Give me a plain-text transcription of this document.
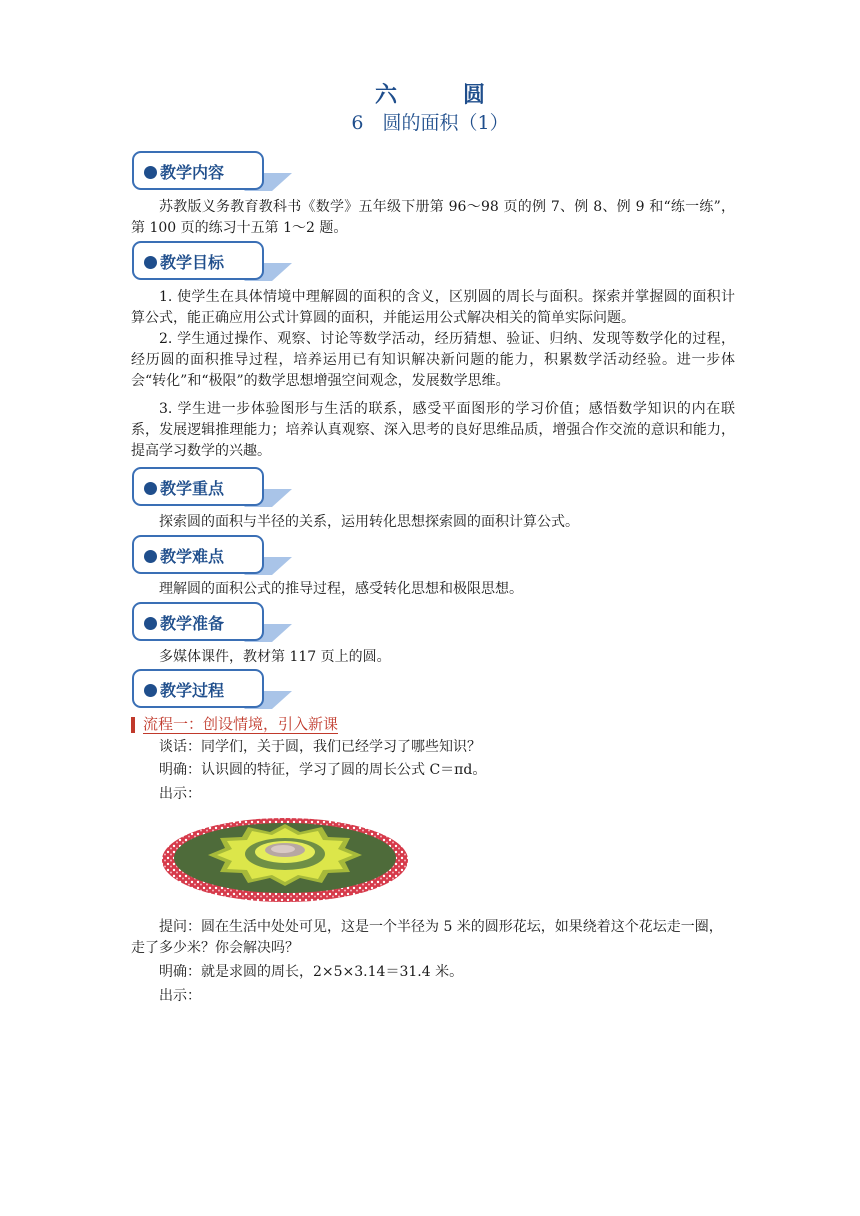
六　圆
6　圆的面积（1）
教学内容
苏教版义务教育教科书《数学》五年级下册第 96～98 页的例 7、例 8、例 9 和“练一练”，第 100 页的练习十五第 1～2 题。
教学目标
1. 使学生在具体情境中理解圆的面积的含义，区别圆的周长与面积。探索并掌握圆的面积计算公式，能正确应用公式计算圆的面积，并能运用公式解决相关的简单实际问题。
2. 学生通过操作、观察、讨论等数学活动，经历猜想、验证、归纳、发现等数学化的过程，经历圆的面积推导过程，培养运用已有知识解决新问题的能力，积累数学活动经验。进一步体会“转化”和“极限”的数学思想增强空间观念，发展数学思维。
3. 学生进一步体验图形与生活的联系，感受平面图形的学习价值；感悟数学知识的内在联系，发展逻辑推理能力；培养认真观察、深入思考的良好思维品质，增强合作交流的意识和能力，提高学习数学的兴趣。
教学重点
探索圆的面积与半径的关系，运用转化思想探索圆的面积计算公式。
教学难点
理解圆的面积公式的推导过程，感受转化思想和极限思想。
教学准备
多媒体课件，教材第 117 页上的圆。
教学过程
流程一：创设情境，引入新课
谈话：同学们，关于圆，我们已经学习了哪些知识？
明确：认识圆的特征，学习了圆的周长公式 C＝πd。
出示：
提问：圆在生活中处处可见，这是一个半径为 5 米的圆形花坛，如果绕着这个花坛走一圈，走了多少米？你会解决吗？
明确：就是求圆的周长，2×5×3.14＝31.4 米。
出示：
